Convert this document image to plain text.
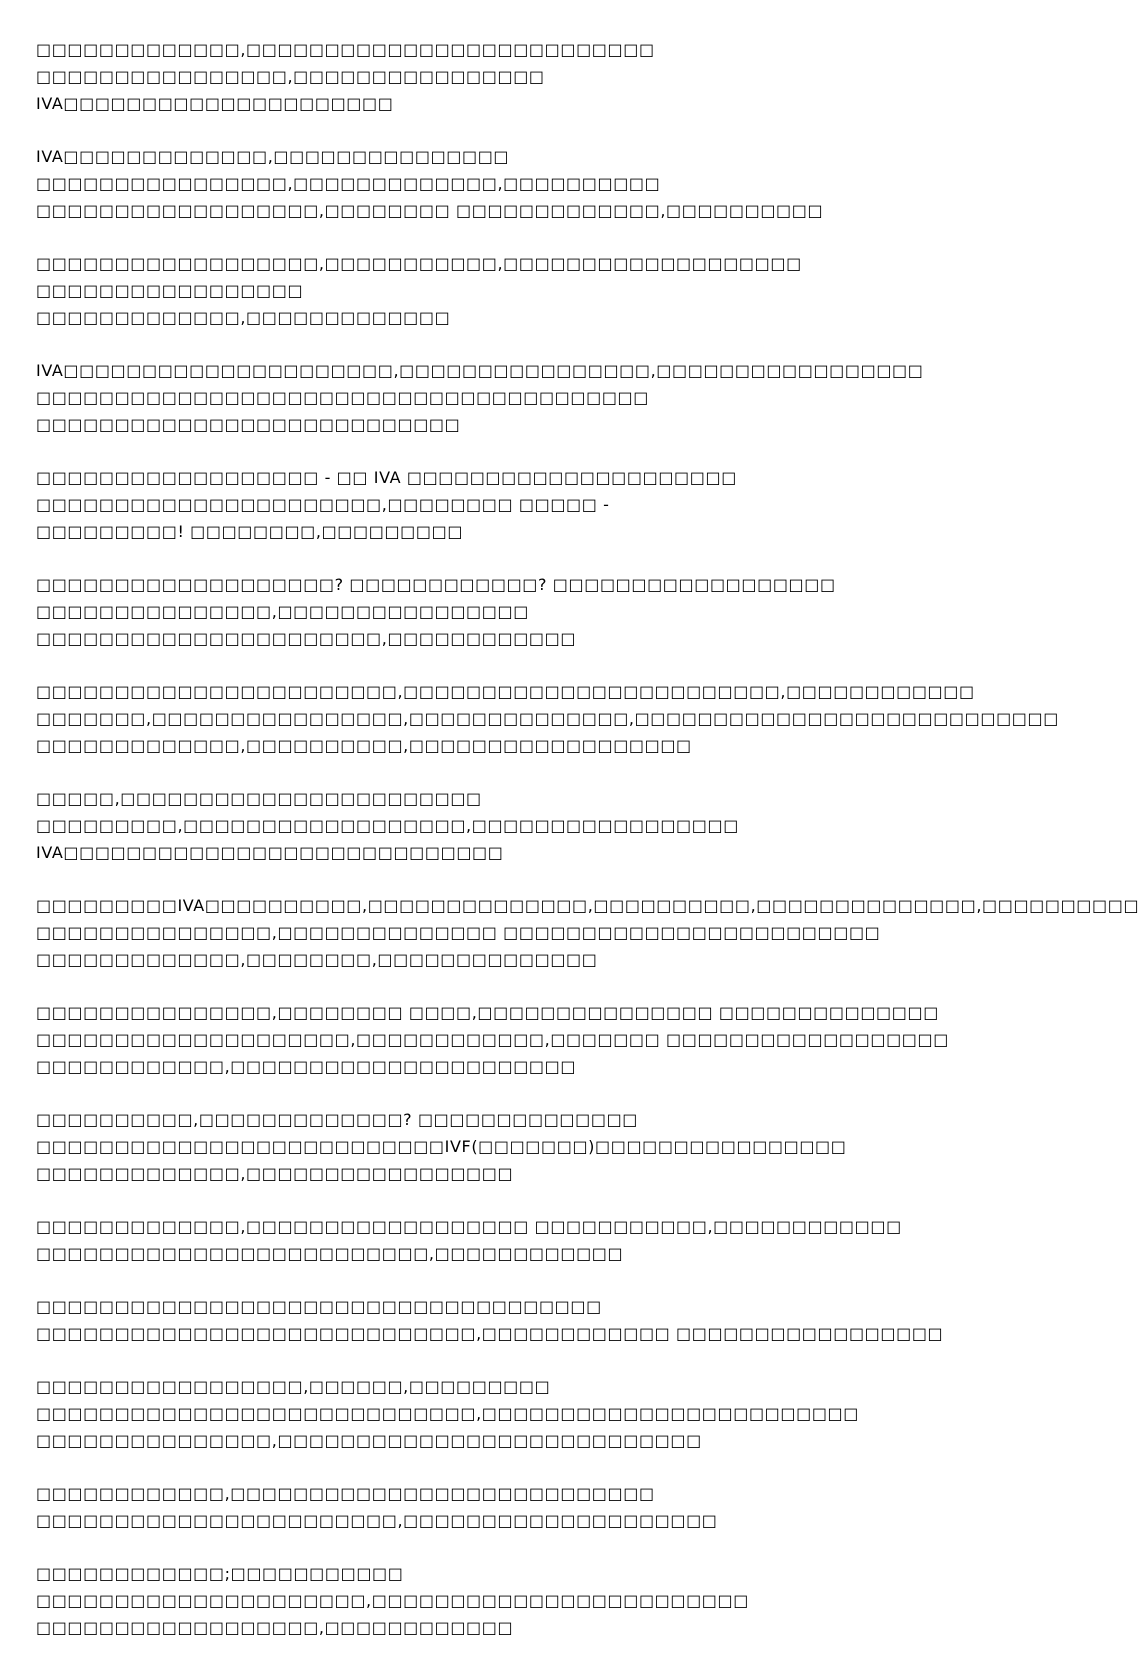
□□□□□□□□□□□□□,□□□□□□□□□□□□□□□□□□□□□□□□□□ □□□□□□□□□□□□□□□□,□□□□□□□□□□□□□□□□
IVA□□□□□□□□□□□□□□□□□□□□□

IVA□□□□□□□□□□□□□,□□□□□□□□□□□□□□□ □□□□□□□□□□□□□□□□,□□□□□□□□□□□□□,□□□□□□□□□□
□□□□□□□□□□□□□□□□□□,□□□□□□□□ □□□□□□□□□□□□□,□□□□□□□□□□

□□□□□□□□□□□□□□□□□□,□□□□□□□□□□□,□□□□□□□□□□□□□□□□□□□ □□□□□□□□□□□□□□□□□
□□□□□□□□□□□□□,□□□□□□□□□□□□□

IVA□□□□□□□□□□□□□□□□□□□□□,□□□□□□□□□□□□□□□□,□□□□□□□□□□□□□□□□□
□□□□□□□□□□□□□□□□□□□□□□□□□□□□□□□□□□□□□□□ □□□□□□□□□□□□□□□□□□□□□□□□□□□

□□□□□□□□□□□□□□□□□□ - □□ IVA □□□□□□□□□□□□□□□□□□□□□ □□□□□□□□□□□□□□□□□□□□□□,□□□□□□□□ □□□□□ -
□□□□□□□□□! □□□□□□□□,□□□□□□□□□

□□□□□□□□□□□□□□□□□□□? □□□□□□□□□□□□? □□□□□□□□□□□□□□□□□□ □□□□□□□□□□□□□□□,□□□□□□□□□□□□□□□□
□□□□□□□□□□□□□□□□□□□□□□,□□□□□□□□□□□□

□□□□□□□□□□□□□□□□□□□□□□□,□□□□□□□□□□□□□□□□□□□□□□□□,□□□□□□□□□□□□
□□□□□□□,□□□□□□□□□□□□□□□□,□□□□□□□□□□□□□□,□□□□□□□□□□□□□□□□□□□□□□□□□□□
□□□□□□□□□□□□□,□□□□□□□□□□,□□□□□□□□□□□□□□□□□□

□□□□□,□□□□□□□□□□□□□□□□□□□□□□□ □□□□□□□□□,□□□□□□□□□□□□□□□□□□,□□□□□□□□□□□□□□□□□
IVA□□□□□□□□□□□□□□□□□□□□□□□□□□□□

□□□□□□□□□IVA□□□□□□□□□□,□□□□□□□□□□□□□□,□□□□□□□□□□,□□□□□□□□□□□□□□,□□□□□□□□□□
□□□□□□□□□□□□□□□,□□□□□□□□□□□□□□ □□□□□□□□□□□□□□□□□□□□□□□□ □□□□□□□□□□□□□,□□□□□□□□,□□□□□□□□□□□□□□

□□□□□□□□□□□□□□□,□□□□□□□□ □□□□,□□□□□□□□□□□□□□□ □□□□□□□□□□□□□□
□□□□□□□□□□□□□□□□□□□□,□□□□□□□□□□□□,□□□□□□□ □□□□□□□□□□□□□□□□□□ □□□□□□□□□□□□,□□□□□□□□□□□□□□□□□□□□□□

□□□□□□□□□□,□□□□□□□□□□□□□? □□□□□□□□□□□□□□ □□□□□□□□□□□□□□□□□□□□□□□□□□IVF(□□□□□□□)□□□□□□□□□□□□□□□□
□□□□□□□□□□□□□,□□□□□□□□□□□□□□□□□

□□□□□□□□□□□□□,□□□□□□□□□□□□□□□□□□ □□□□□□□□□□□,□□□□□□□□□□□□
□□□□□□□□□□□□□□□□□□□□□□□□□,□□□□□□□□□□□□

□□□□□□□□□□□□□□□□□□□□□□□□□□□□□□□□□□□□ □□□□□□□□□□□□□□□□□□□□□□□□□□□□,□□□□□□□□□□□□ □□□□□□□□□□□□□□□□□

□□□□□□□□□□□□□□□□□,□□□□□□,□□□□□□□□□ □□□□□□□□□□□□□□□□□□□□□□□□□□□□,□□□□□□□□□□□□□□□□□□□□□□□□
□□□□□□□□□□□□□□□,□□□□□□□□□□□□□□□□□□□□□□□□□□□

□□□□□□□□□□□□,□□□□□□□□□□□□□□□□□□□□□□□□□□□ □□□□□□□□□□□□□□□□□□□□□□□,□□□□□□□□□□□□□□□□□□□□

□□□□□□□□□□□□;□□□□□□□□□□□ □□□□□□□□□□□□□□□□□□□□□,□□□□□□□□□□□□□□□□□□□□□□□□
□□□□□□□□□□□□□□□□□□,□□□□□□□□□□□□
